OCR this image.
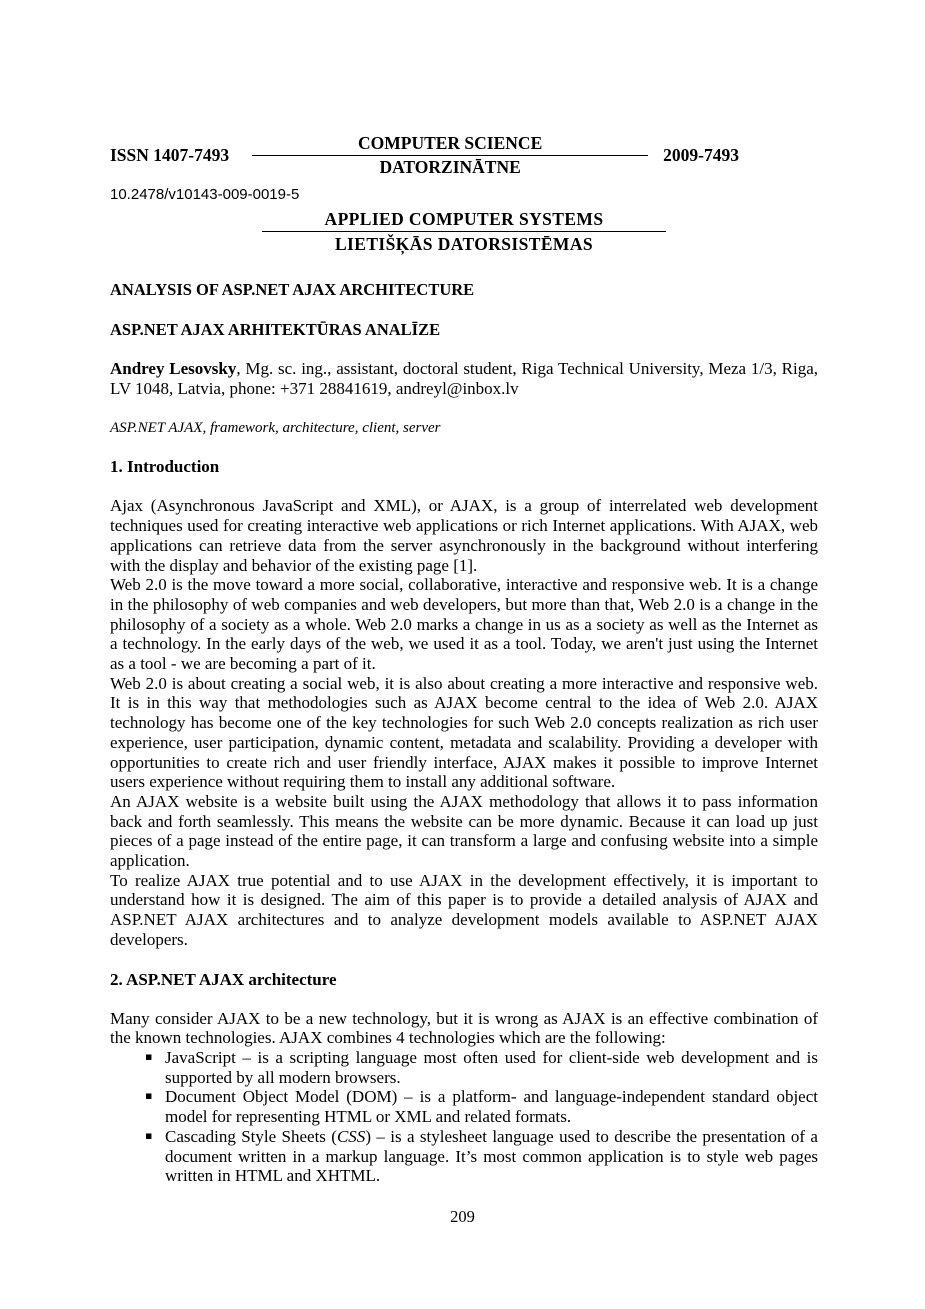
ISSN 1407-7493
COMPUTER SCIENCE
DATORZINĀTNE
2009-7493
10.2478/v10143-009-0019-5
APPLIED COMPUTER SYSTEMS
LIETIŠĶĀS DATORSISTĒMAS
ANALYSIS OF ASP.NET AJAX ARCHITECTURE
ASP.NET AJAX ARHITEKTŪRAS ANALĪZE
Andrey Lesovsky, Mg. sc. ing., assistant, doctoral student, Riga Technical University, Meza 1/3, Riga, LV 1048, Latvia, phone: +371 28841619, andreyl@inbox.lv
ASP.NET AJAX, framework, architecture, client, server
1. Introduction
Ajax (Asynchronous JavaScript and XML), or AJAX, is a group of interrelated web development techniques used for creating interactive web applications or rich Internet applications. With AJAX, web applications can retrieve data from the server asynchronously in the background without interfering with the display and behavior of the existing page [1].
Web 2.0 is the move toward a more social, collaborative, interactive and responsive web. It is a change in the philosophy of web companies and web developers, but more than that, Web 2.0 is a change in the philosophy of a society as a whole. Web 2.0 marks a change in us as a society as well as the Internet as a technology. In the early days of the web, we used it as a tool. Today, we aren't just using the Internet as a tool - we are becoming a part of it.
Web 2.0 is about creating a social web, it is also about creating a more interactive and responsive web. It is in this way that methodologies such as AJAX become central to the idea of Web 2.0. AJAX technology has become one of the key technologies for such Web 2.0 concepts realization as rich user experience, user participation, dynamic content, metadata and scalability. Providing a developer with opportunities to create rich and user friendly interface, AJAX makes it possible to improve Internet users experience without requiring them to install any additional software.
An AJAX website is a website built using the AJAX methodology that allows it to pass information back and forth seamlessly. This means the website can be more dynamic. Because it can load up just pieces of a page instead of the entire page, it can transform a large and confusing website into a simple application.
To realize AJAX true potential and to use AJAX in the development effectively, it is important to understand how it is designed. The aim of this paper is to provide a detailed analysis of AJAX and ASP.NET AJAX architectures and to analyze development models available to ASP.NET AJAX developers.
2. ASP.NET AJAX architecture
Many consider AJAX to be a new technology, but it is wrong as AJAX is an effective combination of the known technologies. AJAX combines 4 technologies which are the following:
▪ JavaScript – is a scripting language most often used for client-side web development and is supported by all modern browsers.
▪ Document Object Model (DOM) – is a platform- and language-independent standard object model for representing HTML or XML and related formats.
▪ Cascading Style Sheets (CSS) – is a stylesheet language used to describe the presentation of a document written in a markup language. It’s most common application is to style web pages written in HTML and XHTML.
209
